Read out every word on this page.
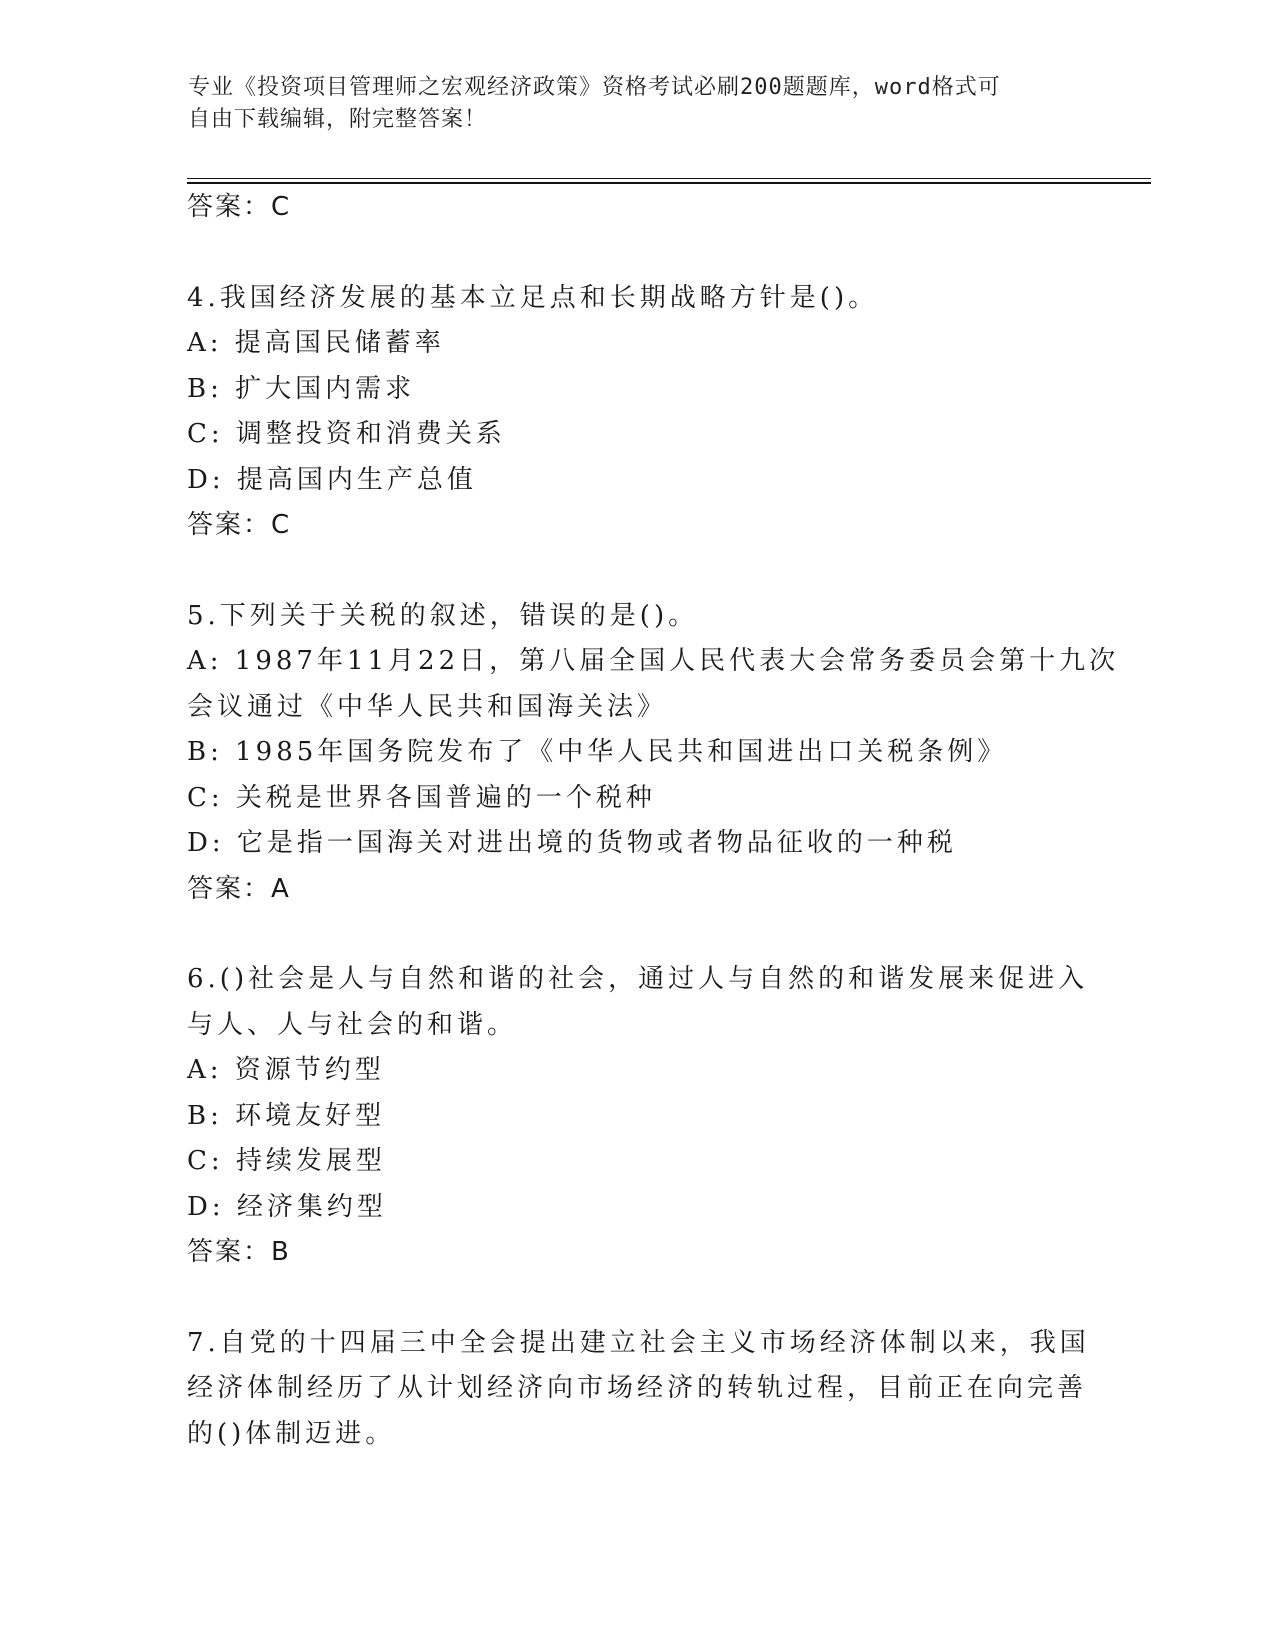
专业《投资项目管理师之宏观经济政策》资格考试必刷200题题库，word格式可
自由下载编辑，附完整答案！
答案：C
4.我国经济发展的基本立足点和长期战略方针是()。
A: 提高国民储蓄率
B: 扩大国内需求
C: 调整投资和消费关系
D: 提高国内生产总值
答案：C
5.下列关于关税的叙述，错误的是()。
A: 1987年11月22日，第八届全国人民代表大会常务委员会第十九次
会议通过《中华人民共和国海关法》
B: 1985年国务院发布了《中华人民共和国进出口关税条例》
C: 关税是世界各国普遍的一个税种
D: 它是指一国海关对进出境的货物或者物品征收的一种税
答案：A
6.()社会是人与自然和谐的社会，通过人与自然的和谐发展来促进入
与人、人与社会的和谐。
A: 资源节约型
B: 环境友好型
C: 持续发展型
D: 经济集约型
答案：B
7.自党的十四届三中全会提出建立社会主义市场经济体制以来，我国
经济体制经历了从计划经济向市场经济的转轨过程，目前正在向完善
的()体制迈进。
